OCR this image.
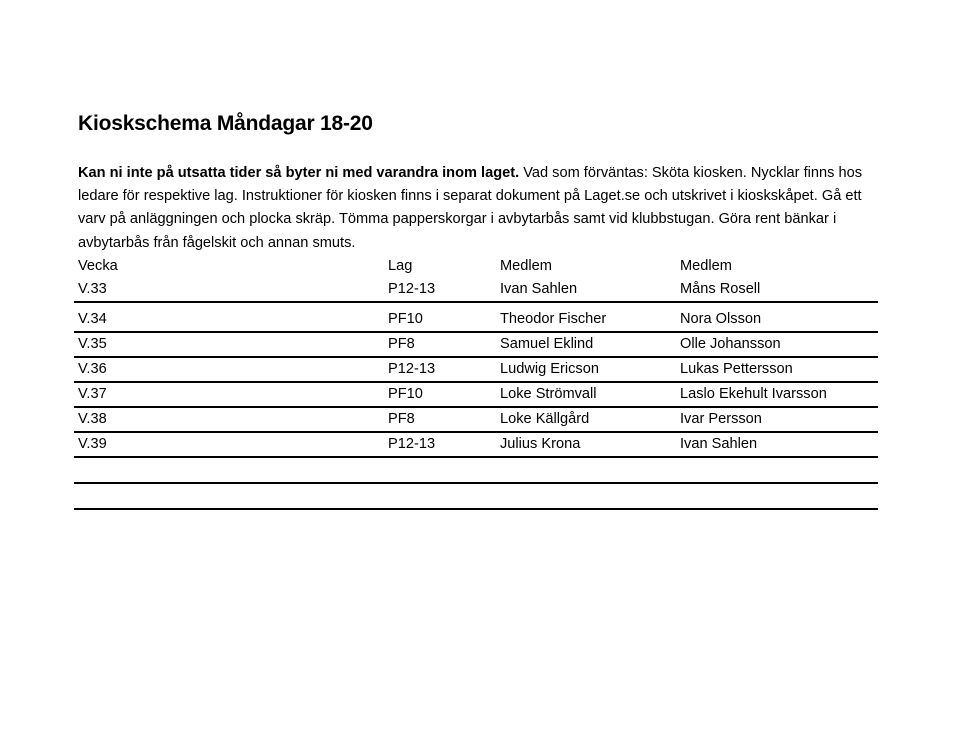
Kioskschema Måndagar 18-20
Kan ni inte på utsatta tider så byter ni med varandra inom laget. Vad som förväntas: Sköta kiosken. Nycklar finns hos ledare för respektive lag. Instruktioner för kiosken finns i separat dokument på Laget.se och utskrivet i kioskskåpet. Gå ett varv på anläggningen och plocka skräp. Tömma papperskorgar i avbytarbås samt vid klubbstugan. Göra rent bänkar i avbytarbås från fågelskit och annan smuts.
Vecka	Lag	Medlem	Medlem
V.33	P12-13	Ivan Sahlen	Måns Rosell

V.34	PF10	Theodor Fischer	Nora Olsson
V.35	PF8	Samuel Eklind	Olle Johansson
V.36	P12-13	Ludwig Ericson	Lukas Pettersson
V.37	PF10	Loke Strömvall	Laslo Ekehult Ivarsson
V.38	PF8	Loke Källgård	Ivar Persson
V.39	P12-13	Julius Krona	Ivan Sahlen
